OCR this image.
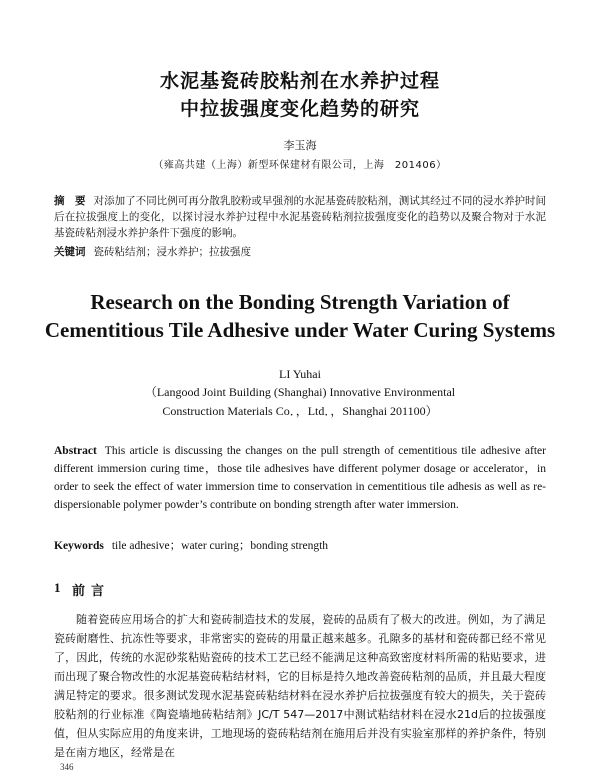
水泥基瓷砖胶粘剂在水养护过程
中拉拔强度变化趋势的研究
李玉海
（雍高共建（上海）新型环保建材有限公司，上海　201406）
摘　要 对添加了不同比例可再分散乳胶粉或早强剂的水泥基瓷砖胶粘剂，测试其经过不同的浸水养护时间后在拉拔强度上的变化，以探讨浸水养护过程中水泥基瓷砖粘剂拉拔强度变化的趋势以及聚合物对于水泥基瓷砖粘剂浸水养护条件下强度的影响。
关键词 瓷砖粘结剂；浸水养护；拉拔强度
Research on the Bonding Strength Variation of
Cementitious Tile Adhesive under Water Curing Systems
LI Yuhai
（Langood Joint Building (Shanghai) Innovative Environmental
Construction Materials Co．，Ltd．，Shanghai 201100）
Abstract This article is discussing the changes on the pull strength of cementitious tile adhesive after different immersion curing time，those tile adhesives have different polymer dosage or accelerator，in order to seek the effect of water immersion time to conservation in cementitious tile adhesis as well as re-dispersionable polymer powder’s contribute on bonding strength after water immersion.
Keywords tile adhesive；water curing；bonding strength
1 前言
随着瓷砖应用场合的扩大和瓷砖制造技术的发展，瓷砖的品质有了极大的改进。例如，为了满足瓷砖耐磨性、抗冻性等要求，非常密实的瓷砖的用量正越来越多。孔隙多的基材和瓷砖都已经不常见了，因此，传统的水泥砂浆粘贴瓷砖的技术工艺已经不能满足这种高致密度材料所需的粘贴要求，进而出现了聚合物改性的水泥基瓷砖粘结材料，它的目标是持久地改善瓷砖粘剂的品质，并且最大程度满足特定的要求。很多测试发现水泥基瓷砖粘结材料在浸水养护后拉拔强度有较大的损失，关于瓷砖胶粘剂的行业标准《陶瓷墙地砖粘结剂》JC/T 547—2017中测试粘结材料在浸水21d后的拉拔强度值，但从实际应用的角度来讲，工地现场的瓷砖粘结剂在施用后并没有实验室那样的养护条件，特别是在南方地区，经常是在
346
